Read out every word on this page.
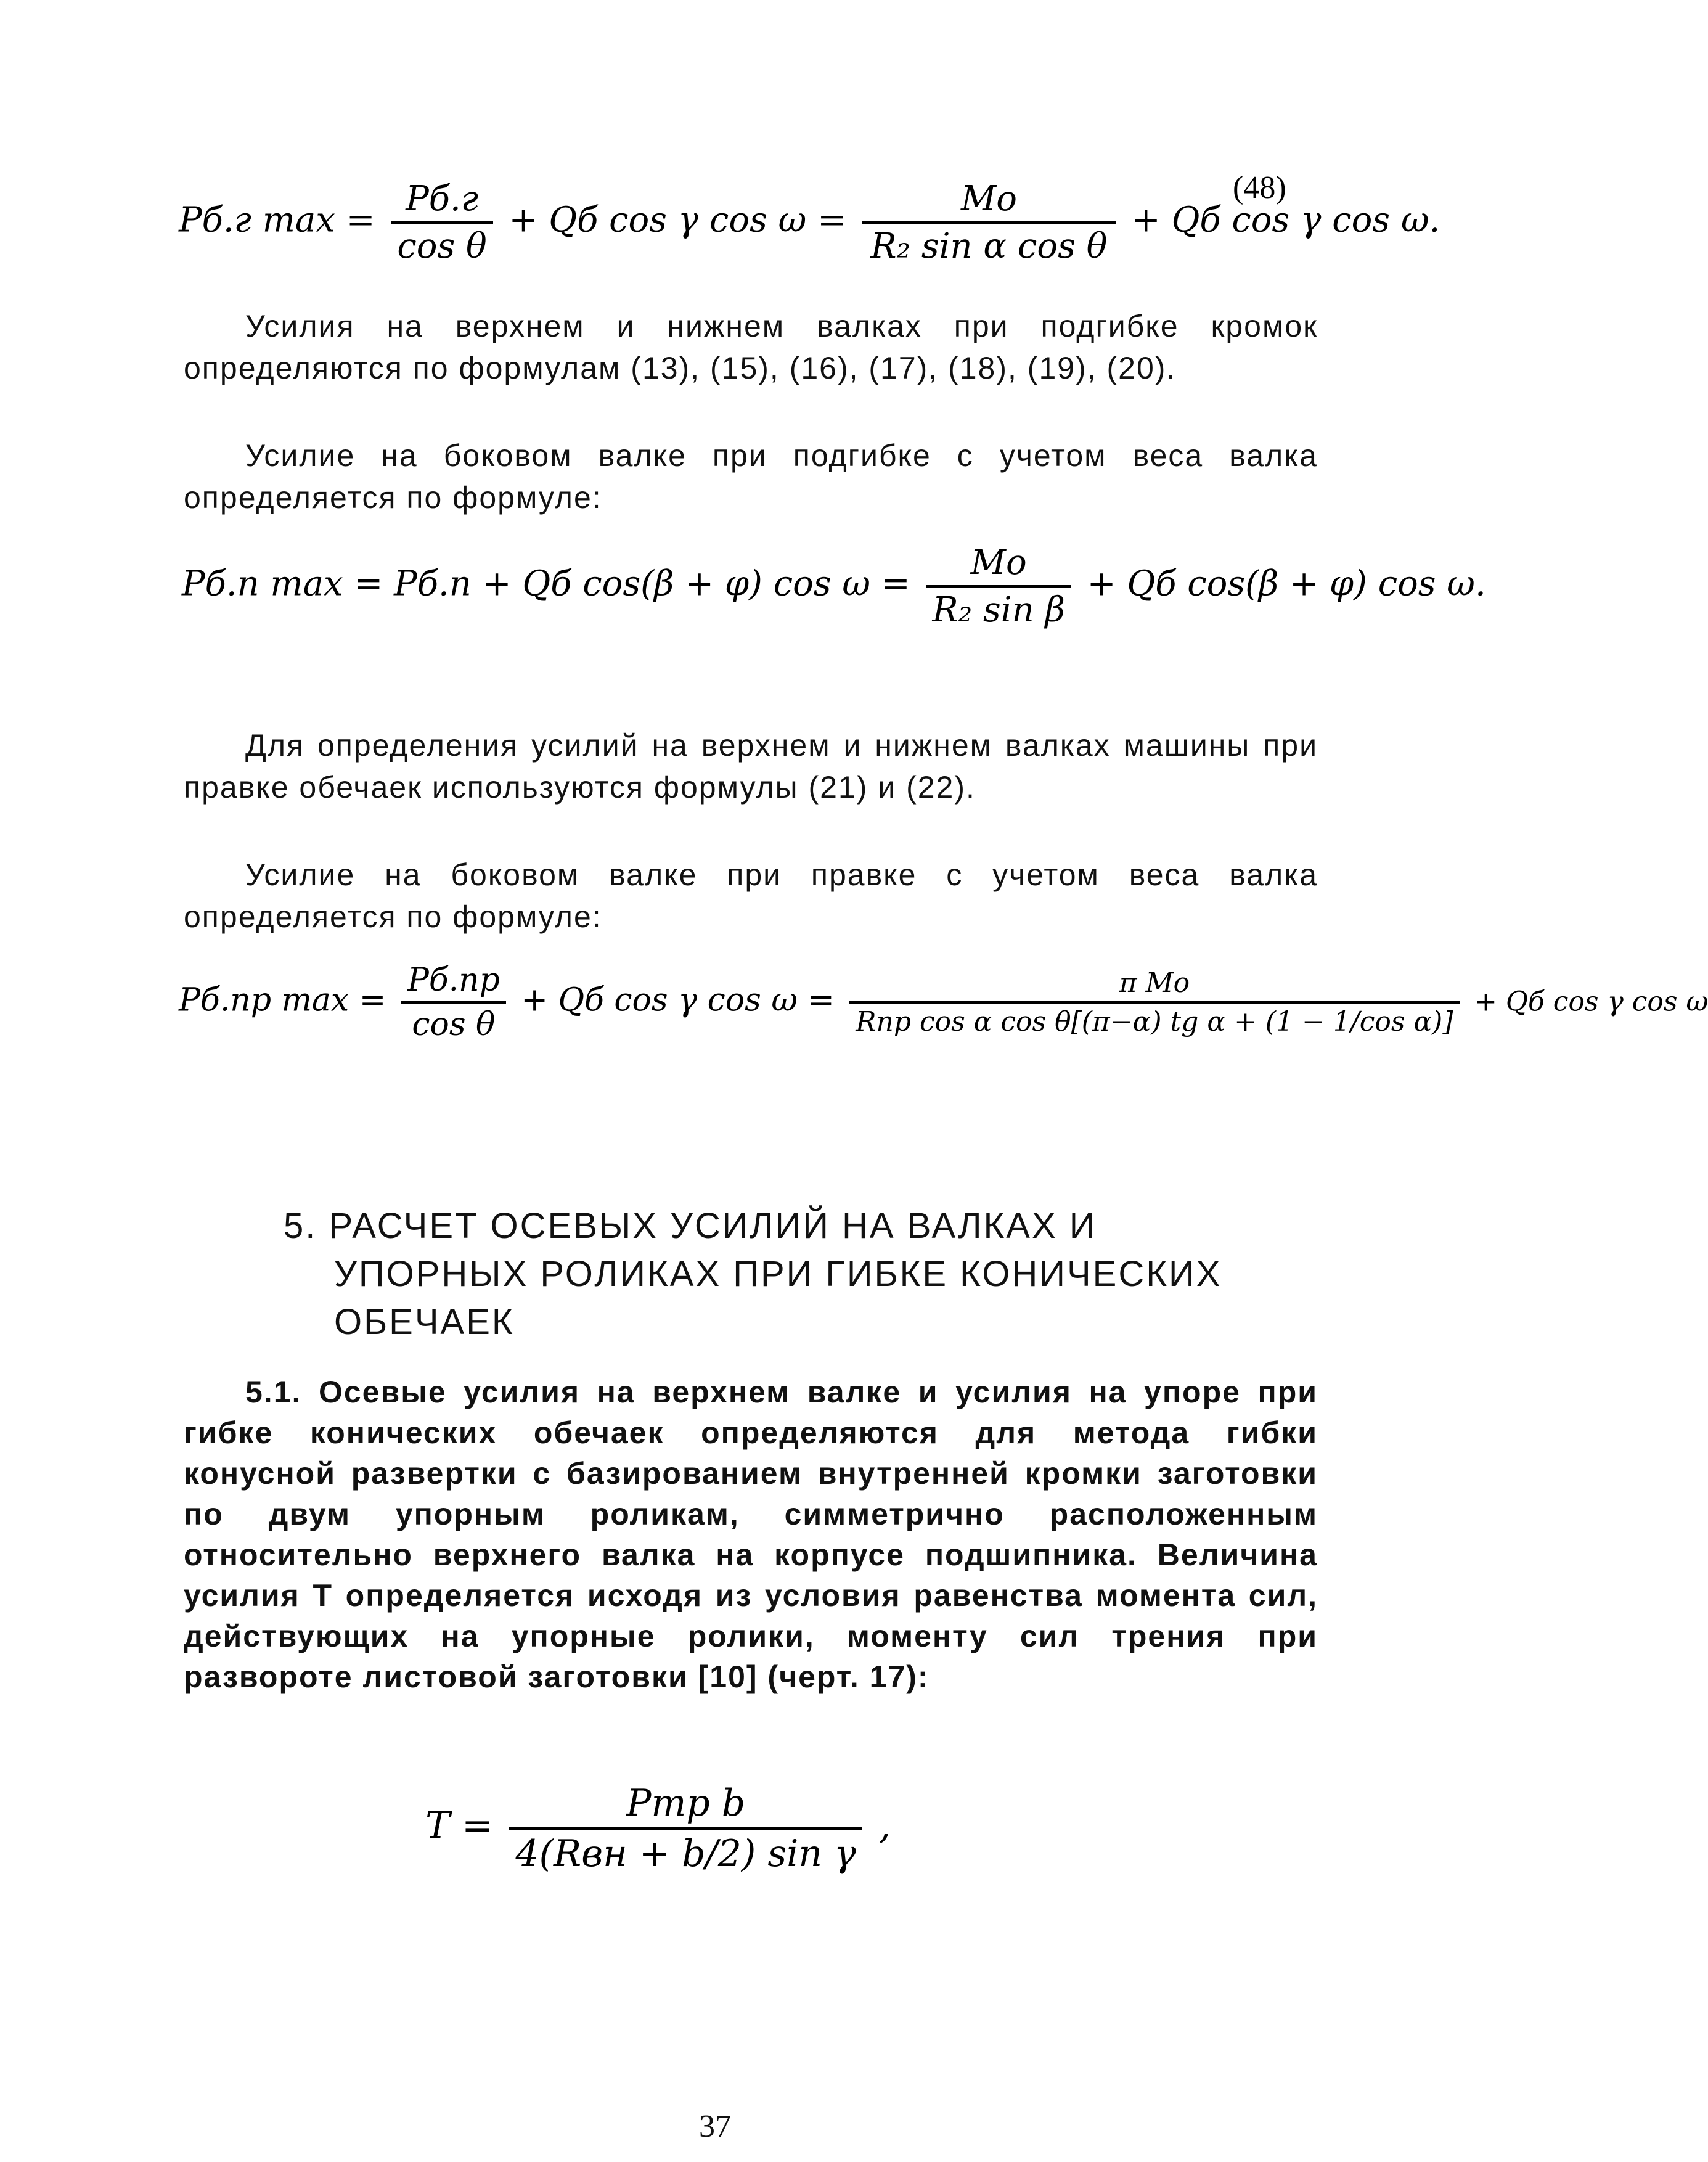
Pб.г $\max = \frac{Pб.г}{\text{cos θ}}$ + Qб cos γ $\cos \omega = \frac{Mо}{\text{R₂ sin α cos θ}}$ + Qб cos γ cos ω.
(48)
Усилия на верхнем и нижнем валках при подгибке кромок определяются по формулам (13), (15), (16), (17), (18), (19), (20).
Усилие на боковом валке при подгибке с учетом веса валка определяется по формуле:
Pб.п max = Pб.п + Qб cos(β + φ) $\cos \omega = \frac{Mо}{\text{R₂ sin β}}$ + Qб cos(β + φ) cos ω.
Для определения усилий на верхнем и нижнем валках машины при правке обечаек используются формулы (21) и (22).
Усилие на боковом валке при правке с учетом веса валка определяется по формуле:
Pб.пр $\max = \frac{Pб.пр}{\text{cos θ}}$ + Qб cos γ $\cos \omega = \frac{\text{π Mо}}{\text{Rпр cos α cos θ[(π−α) tg α + (1 − 1/cos α)]}}$ + Qб cos γ cos ω
5. РАСЧЕТ ОСЕВЫХ УСИЛИЙ НА ВАЛКАХ И
УПОРНЫХ РОЛИКАХ ПРИ ГИБКЕ КОНИЧЕСКИХ
ОБЕЧАЕК
5.1. Осевые усилия на верхнем валке и усилия на упоре при гибке конических обечаек определяются для метода гибки конусной развертки с базированием внутренней кромки заготовки по двум упорным роликам, симметрично расположенным относительно верхнего валка на корпусе подшипника. Величина усилия T определяется исходя из условия равенства момента сил, действующих на упорные ролики, моменту сил трения при развороте листовой заготовки [10] (черт. 17):
$T = \frac{\text{Pтр b}}{\text{4(Rвн + b/2) sin γ}}$ ,
37
